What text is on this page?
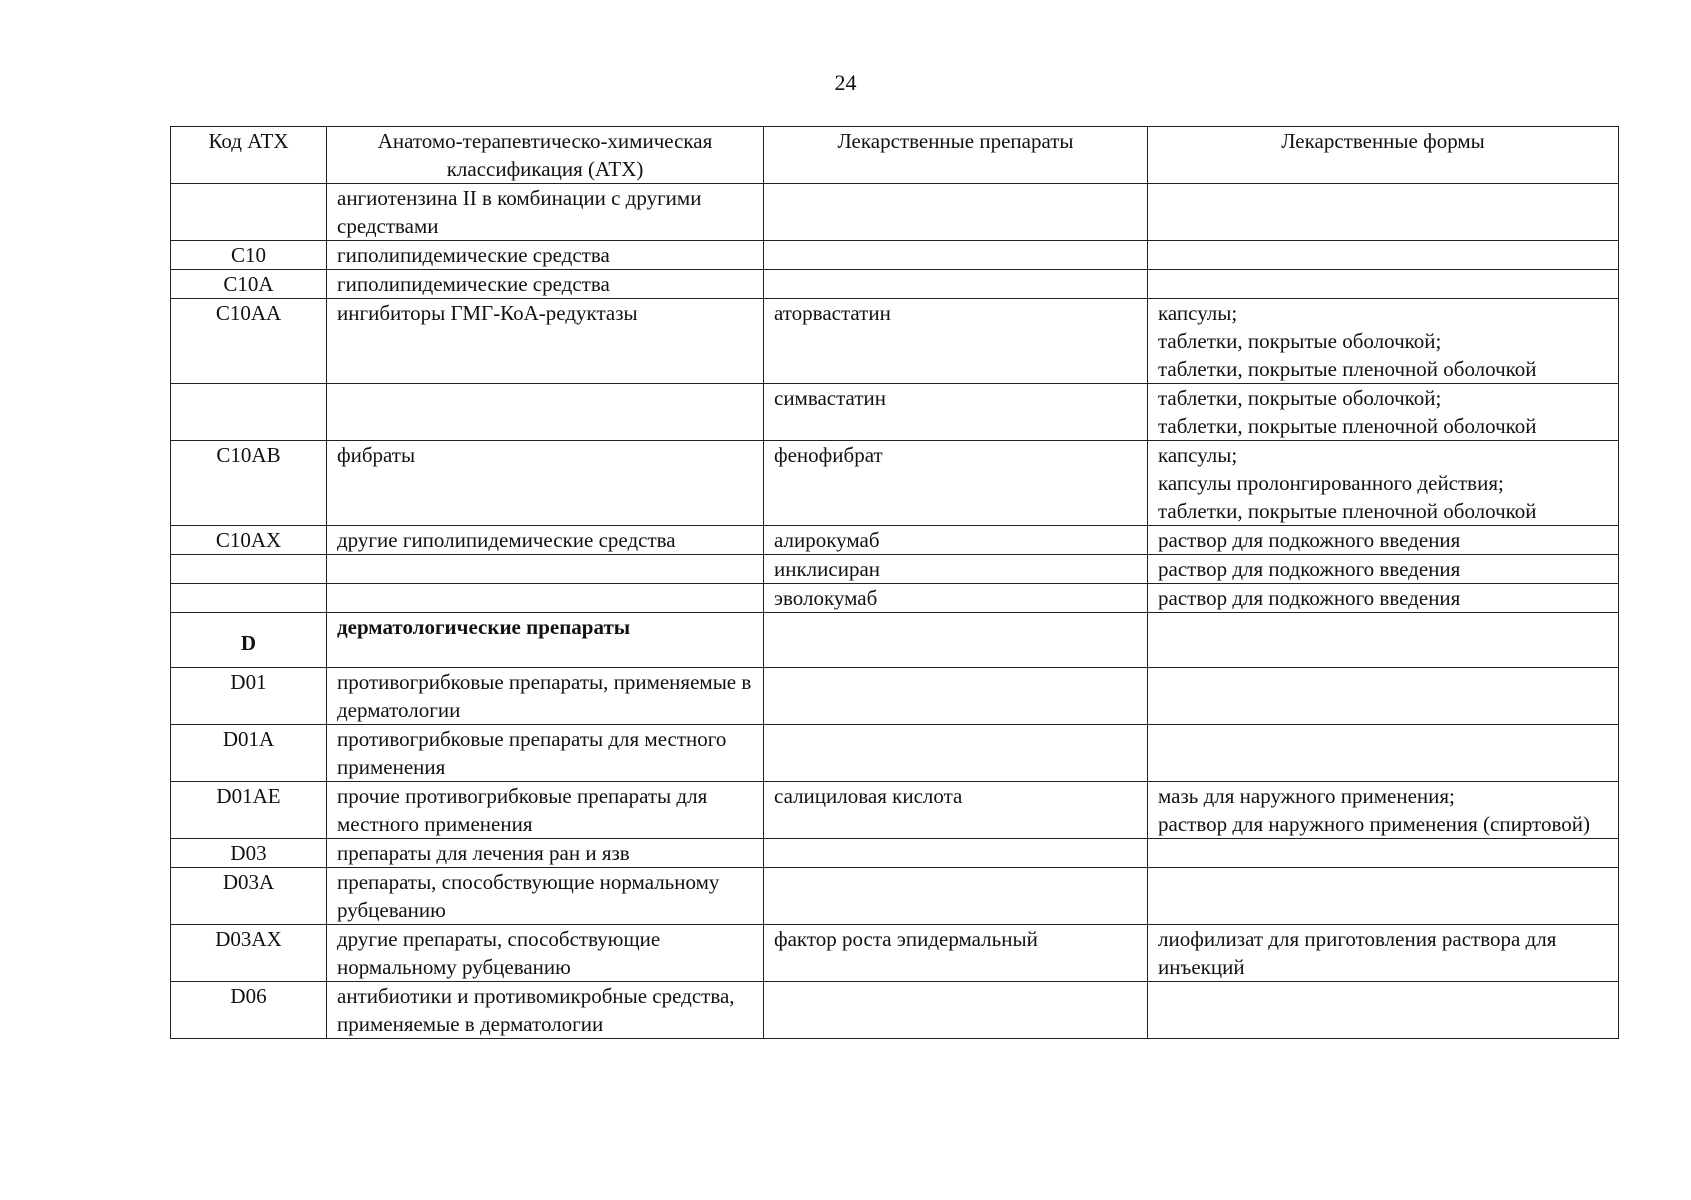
24
Код АТХ	Анатомо-терапевтическо-химическая классификация (АТХ)	Лекарственные препараты	Лекарственные формы
	ангиотензина II в комбинации с другими средствами		
C10	гиполипидемические средства		
C10A	гиполипидемические средства		
C10AA	ингибиторы ГМГ-КоА-редуктазы	аторвастатин	капсулы;
таблетки, покрытые оболочкой;
таблетки, покрытые пленочной оболочкой

		симвастатин	таблетки, покрытые оболочкой;
таблетки, покрытые пленочной оболочкой

C10AB	фибраты	фенофибрат	капсулы;
капсулы пролонгированного действия;
таблетки, покрытые пленочной оболочкой

C10AX	другие гиполипидемические средства	алирокумаб	раствор для подкожного введения

		инклисиран	раствор для подкожного введения

		эволокумаб	раствор для подкожного введения

D	дерматологические препараты		
D01	противогрибковые препараты, применяемые в дерматологии		
D01A	противогрибковые препараты для местного применения		
D01AE	прочие противогрибковые препараты для местного применения	салициловая кислота	мазь для наружного применения;
раствор для наружного применения (спиртовой)

D03	препараты для лечения ран и язв		
D03A	препараты, способствующие нормальному рубцеванию		
D03AX	другие препараты, способствующие нормальному рубцеванию	фактор роста эпидермальный	лиофилизат для приготовления раствора для инъекций

D06	антибиотики и противомикробные средства, применяемые в дерматологии		
